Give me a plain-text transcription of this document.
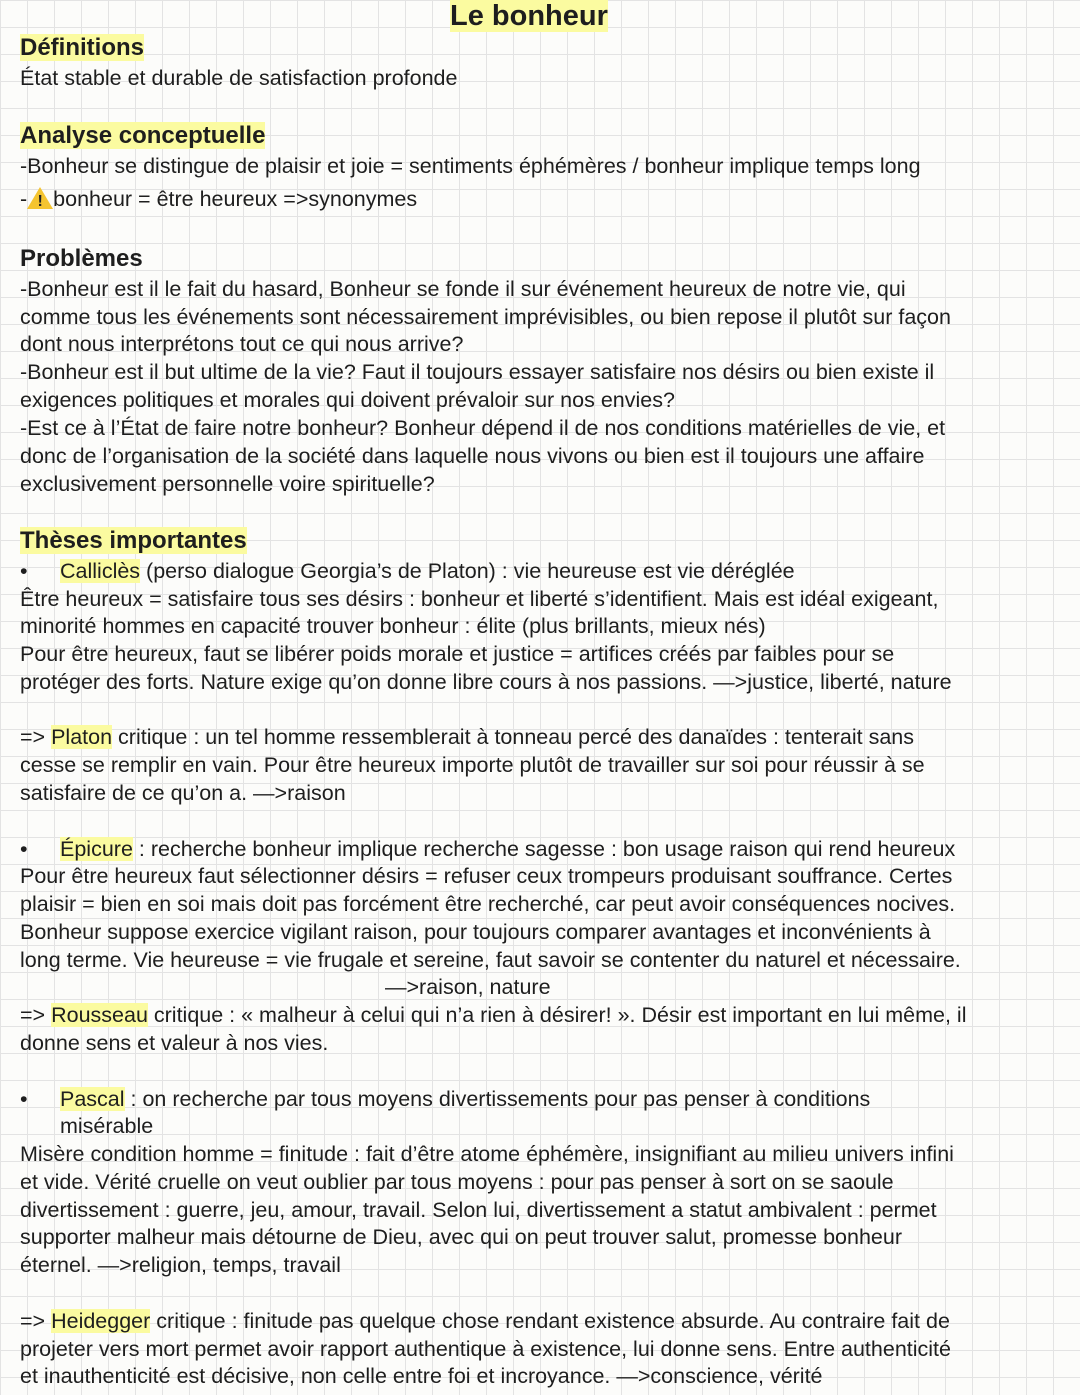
Le bonheur
Définitions
État stable et durable de satisfaction profonde
Analyse conceptuelle
-Bonheur se distingue de plaisir et joie = sentiments éphémères / bonheur implique temps long
- ! bonheur = être heureux =>synonymes
Problèmes
-Bonheur est il le fait du hasard, Bonheur se fonde il sur événement heureux de notre vie, qui
comme tous les événements sont nécessairement imprévisibles, ou bien repose il plutôt sur façon
dont nous interprétons tout ce qui nous arrive?
-Bonheur est il but ultime de la vie? Faut il toujours essayer satisfaire nos désirs ou bien existe il
exigences politiques et morales qui doivent prévaloir sur nos envies?
-Est ce à l’État de faire notre bonheur? Bonheur dépend il de nos conditions matérielles de vie, et
donc de l’organisation de la société dans laquelle nous vivons ou bien est il toujours une affaire
exclusivement personnelle voire spirituelle?
Thèses importantes
• Calliclès (perso dialogue Georgia’s de Platon) : vie heureuse est vie déréglée
Être heureux = satisfaire tous ses désirs : bonheur et liberté s’identifient. Mais est idéal exigeant,
minorité hommes en capacité trouver bonheur : élite (plus brillants, mieux nés)
Pour être heureux, faut se libérer poids morale et justice = artifices créés par faibles pour se
protéger des forts. Nature exige qu’on donne libre cours à nos passions. —>justice, liberté, nature
=> Platon critique : un tel homme ressemblerait à tonneau percé des danaïdes : tenterait sans
cesse se remplir en vain. Pour être heureux importe plutôt de travailler sur soi pour réussir à se
satisfaire de ce qu’on a. —>raison
• Épicure : recherche bonheur implique recherche sagesse : bon usage raison qui rend heureux
Pour être heureux faut sélectionner désirs = refuser ceux trompeurs produisant souffrance. Certes
plaisir = bien en soi mais doit pas forcément être recherché, car peut avoir conséquences nocives.
Bonheur suppose exercice vigilant raison, pour toujours comparer avantages et inconvénients à
long terme. Vie heureuse = vie frugale et sereine, faut savoir se contenter du naturel et nécessaire.
—>raison, nature
=> Rousseau critique : « malheur à celui qui n’a rien à désirer! ». Désir est important en lui même, il
donne sens et valeur à nos vies.
• Pascal : on recherche par tous moyens divertissements pour pas penser à conditions
misérable
Misère condition homme = finitude : fait d’être atome éphémère, insignifiant au milieu univers infini
et vide. Vérité cruelle on veut oublier par tous moyens : pour pas penser à sort on se saoule
divertissement : guerre, jeu, amour, travail. Selon lui, divertissement a statut ambivalent : permet
supporter malheur mais détourne de Dieu, avec qui on peut trouver salut, promesse bonheur
éternel. —>religion, temps, travail
=> Heidegger critique : finitude pas quelque chose rendant existence absurde. Au contraire fait de
projeter vers mort permet avoir rapport authentique à existence, lui donne sens. Entre authenticité
et inauthenticité est décisive, non celle entre foi et incroyance. —>conscience, vérité
